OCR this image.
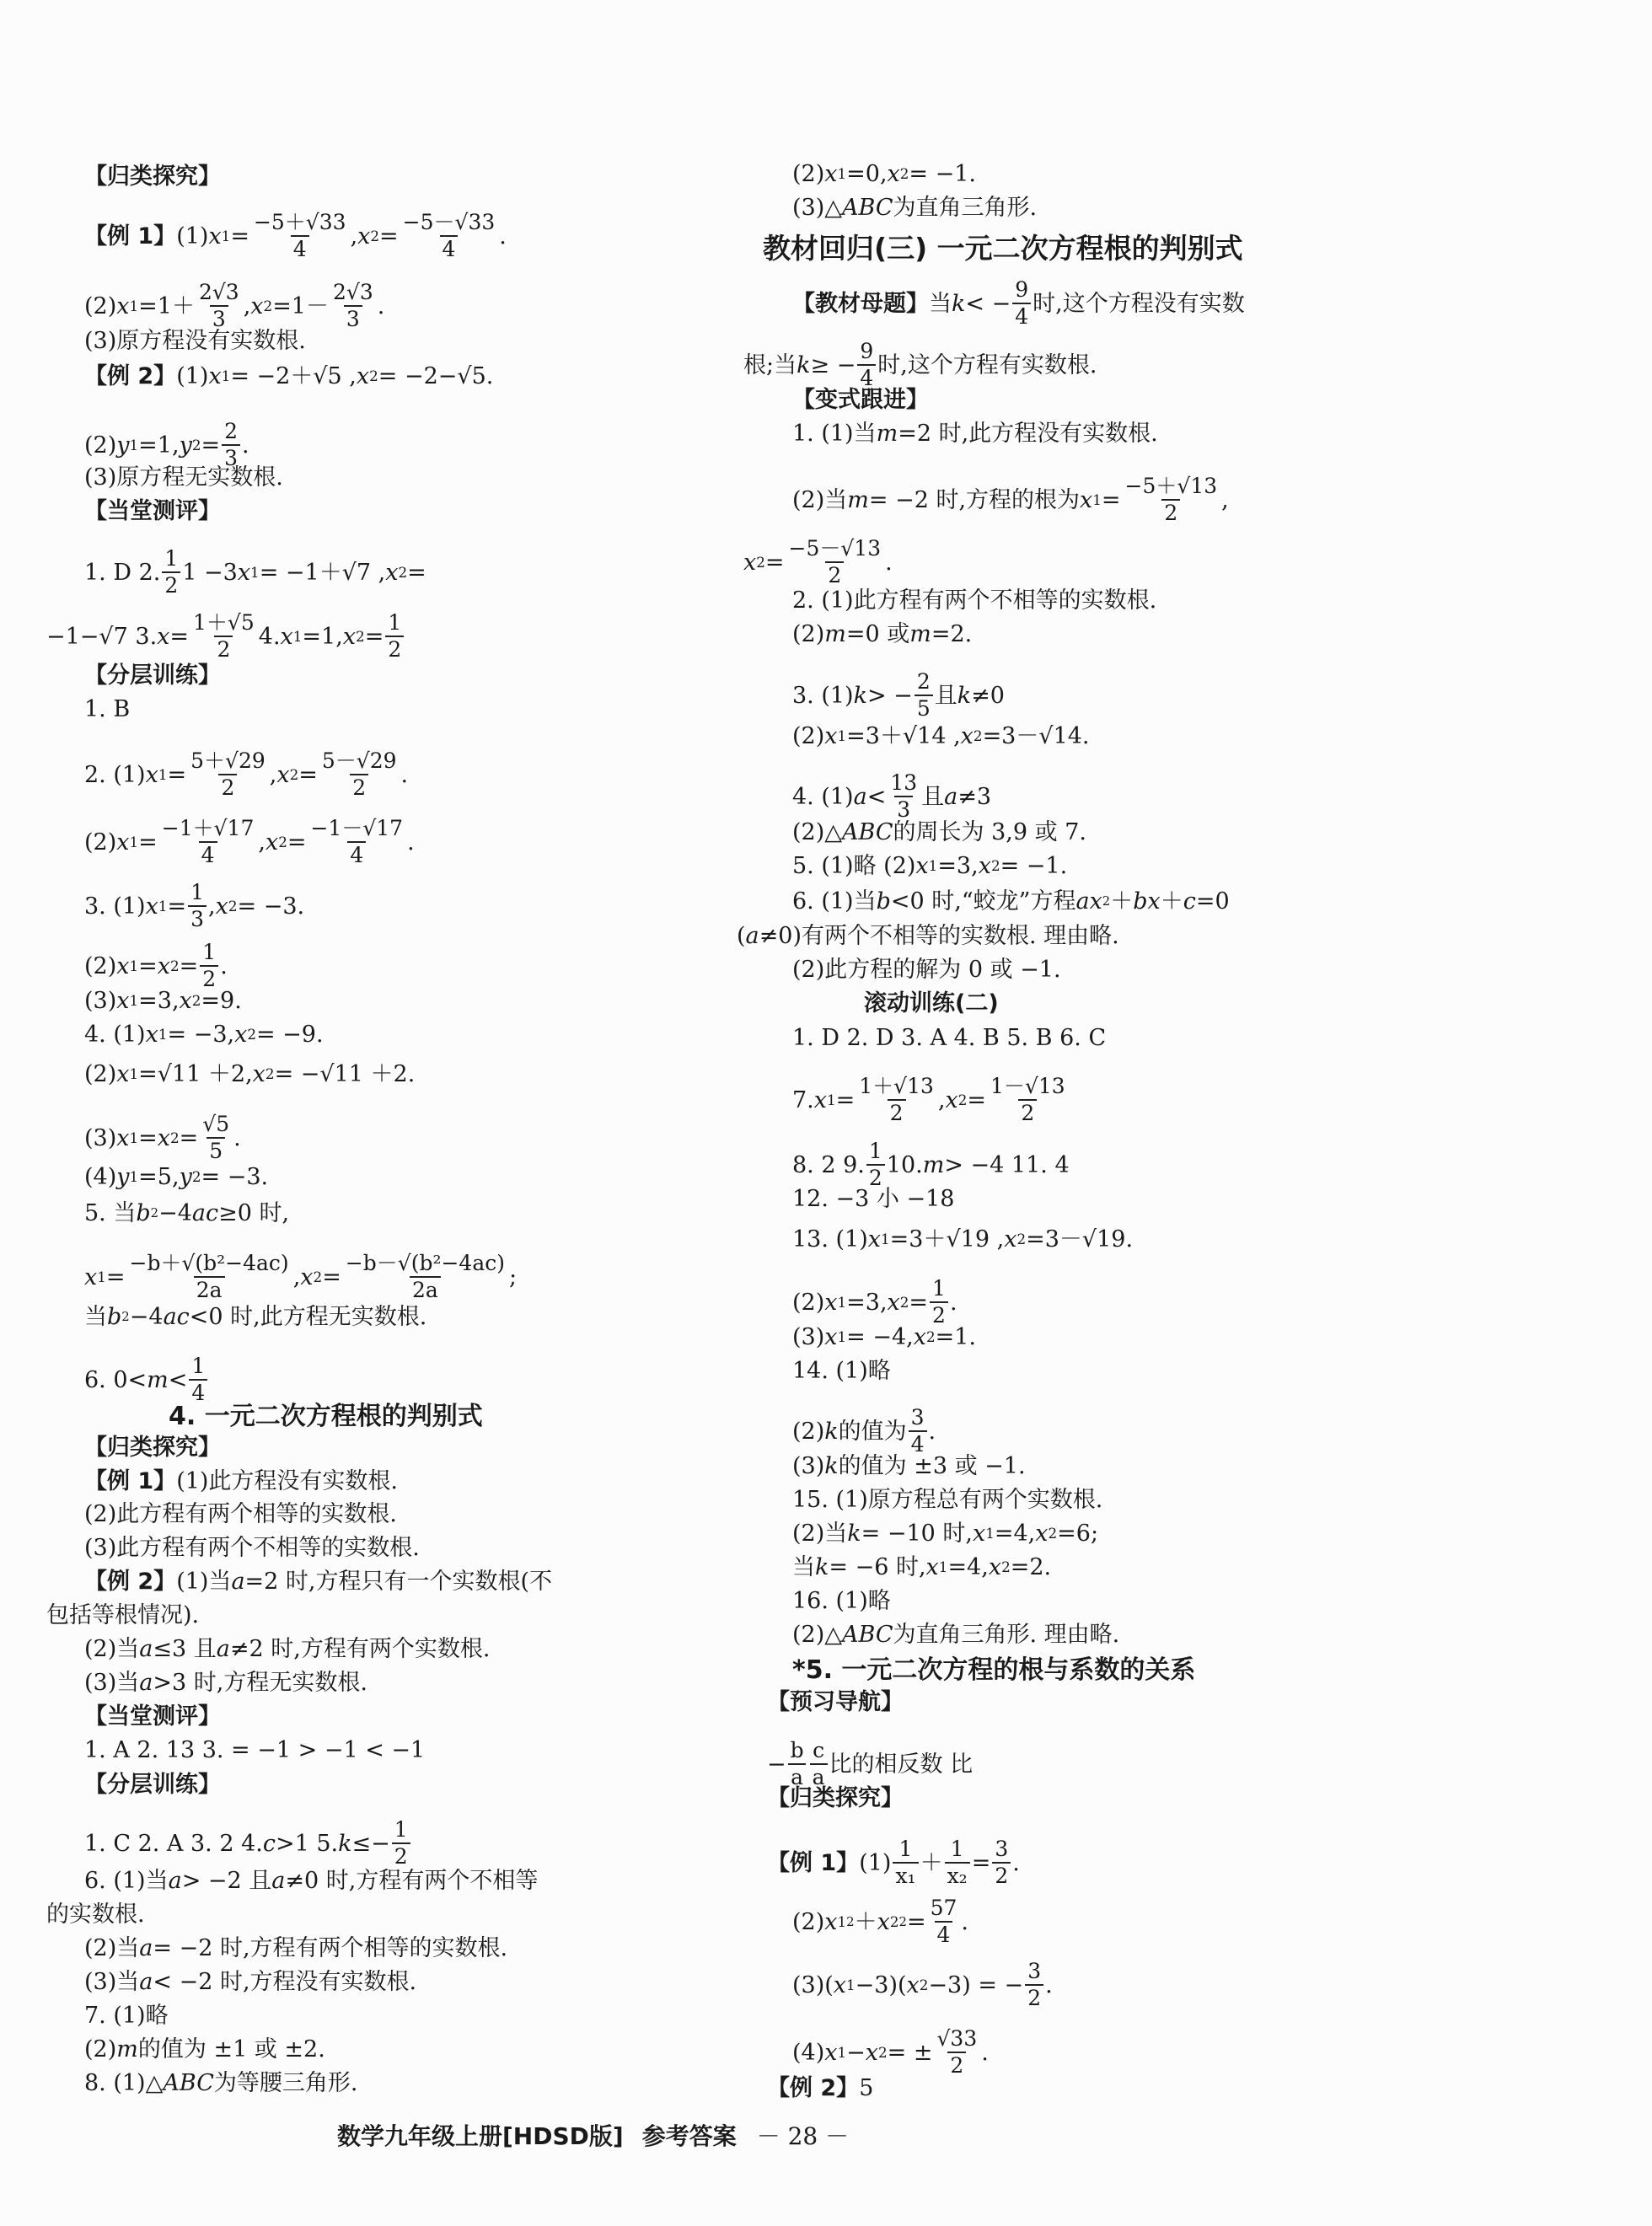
【归类探究】
【例 1】 (1) x $1 = \frac{-5+√33}{4}$ , x $2 = \frac{-5-√33}{4}$ .
(2) x $1 =1+ \frac{2√3}{3}$ , x $2 =1- \frac{2√3}{3}$ .
(3)原方程没有实数根.
【例 2】 (1) x 1 = −2＋√5 , x 2 = −2−√5.
(2) y 1 =1, y $2 = \frac{2}{3}$ .
(3)原方程无实数根.
【当堂测评】
1. D 2. $\frac{1}{2} 1 -3$ x 1 = −1＋√7 , x 2 =
−1−√7 3. $x = \frac{1+√5}{2} 4$. x 1 =1, x $2 = \frac{1}{2}$
【分层训练】
1. B
2. (1) x $1 = \frac{5+√29}{2}$ , x $2 = \frac{5-√29}{2}$ .
(2) x $1 = \frac{-1+√17}{4}$ , x $2 = \frac{-1-√17}{4}$ .
3. (1) x $1 = \frac{1}{3}$ , x 2 = −3.
(2) x 1 = x $2 = \frac{1}{2}$ .
(3) x 1 =3, x 2 =9.
4. (1) x 1 = −3, x 2 = −9.
(2) x 1 =√11 ＋2, x 2 = −√11 ＋2.
(3) x 1 = x $2 = \frac{√5}{5}$ .
(4) y 1 =5, y 2 = −3.
5. 当 b 2 −4 ac ≥0 时,
x $1 = \frac{\text{−b＋√(b²−4ac)}}{2a}$ , x $2 = \frac{\text{−b－√(b²−4ac)}}{2a}$ ;
当 b 2 −4 ac <0 时,此方程无实数根.
6. $0< m < \frac{1}{4}$
4. 一元二次方程根的判别式
【归类探究】
【例 1】 (1)此方程没有实数根.
(2)此方程有两个相等的实数根.
(3)此方程有两个不相等的实数根.
【例 2】 (1)当 a =2 时,方程只有一个实数根(不
包括等根情况).
(2)当 a ≤3 且 a ≠2 时,方程有两个实数根.
(3)当 a >3 时,方程无实数根.
【当堂测评】
1. A 2. 13 3. = −1 > −1 < −1
【分层训练】
1. C 2. A 3. 2 4. c >1 5. $k \le- \frac{1}{2}$
6. (1)当 a > −2 且 a ≠0 时,方程有两个不相等
的实数根.
(2)当 a = −2 时,方程有两个相等的实数根.
(3)当 a < −2 时,方程没有实数根.
7. (1)略
(2) m 的值为 ±1 或 ±2.
8. (1)△ ABC 为等腰三角形.
(2) x 1 =0, x 2 = −1.
(3)△ ABC 为直角三角形.
教材回归(三) 一元二次方程根的判别式
【教材母题】 当 k < − $\frac{9}{4}$ 时,这个方程没有实数
根;当 k ≥ − $\frac{9}{4}$ 时,这个方程有实数根.
【变式跟进】
1. (1)当 m =2 时,此方程没有实数根.
(2)当 m = −2 时,方程的根为 x $1 = \frac{-5+√13}{2}$ ,
x $2 = \frac{-5-√13}{2}$ .
2. (1)此方程有两个不相等的实数根.
(2) m =0 或 m =2.
3. (1) k > − $\frac{2}{5}$ 且 k ≠0
(2) x 1 =3＋√14 , x 2 =3－√14.
4. (1) $a < \frac{13}{3}$ 且 a ≠3
(2)△ ABC 的周长为 3,9 或 7.
5. (1)略 (2) x 1 =3, x 2 = −1.
6. (1)当 b <0 时,“蛟龙”方程 ax 2 ＋ bx ＋ c =0
( a ≠0)有两个不相等的实数根. 理由略.
(2)此方程的解为 0 或 −1.
滚动训练(二)
1. D 2. D 3. A 4. B 5. B 6. C
7. x $1 = \frac{1+√13}{2}$ , x $2 = \frac{1-√13}{2}$
8. 2 9. $\frac{1}{2} 10$. m > −4 11. 4
12. −3 小 −18
13. (1) x 1 =3＋√19 , x 2 =3－√19.
(2) x 1 =3, x $2 = \frac{1}{2}$ .
(3) x 1 = −4, x 2 =1.
14. (1)略
(2) k 的值为 $\frac{3}{4}$ .
(3) k 的值为 ±3 或 −1.
15. (1)原方程总有两个实数根.
(2)当 k = −10 时, x 1 =4, x 2 =6;
当 k = −6 时, x 1 =4, x 2 =2.
16. (1)略
(2)△ ABC 为直角三角形. 理由略.
*5. 一元二次方程的根与系数的关系
【预习导航】
− $\frac{b}{a} \frac{c}{a}$ 比的相反数 比
【归类探究】
【例 1】 $(1) \frac{1}{\text{x₁}} + \frac{1}{\text{x₂}} = \frac{3}{2}$ .
(2) x 1 2 ＋ x 2 $2 = \frac{57}{4}$ .
(3)( x 1 −3)( x 2 −3) = − $\frac{3}{2}$ .
(4) x 1 − x 2 = ± $\frac{√33}{2}$ .
【例 2】 5
数学九年级上册[HDSD版] 参考答案 － 28 －
